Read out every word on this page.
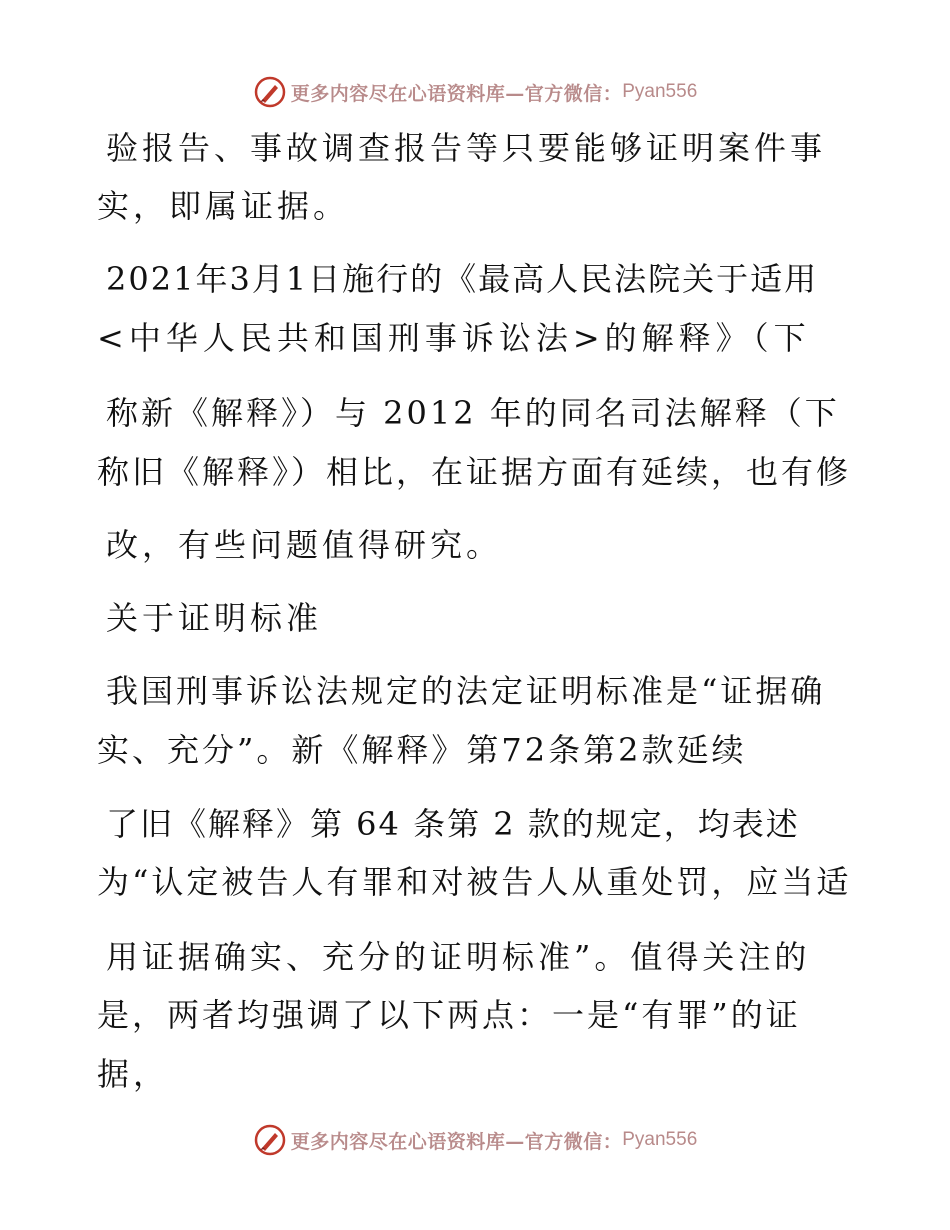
更多内容尽在心语资料库—官方微信： Pyan556
验报告、事故调查报告等只要能够证明案件事
实，即属证据。
2021年3月1日施行的《最高人民法院关于适用
<中华人民共和国刑事诉讼法>的解释》（下
称新《解释》）与 2012 年的同名司法解释（下
称旧《解释》）相比，在证据方面有延续，也有修
改，有些问题值得研究。
关于证明标准
我国刑事诉讼法规定的法定证明标准是“证据确
实、充分”。新《解释》第72条第2款延续
了旧《解释》第 64 条第 2 款的规定，均表述
为“认定被告人有罪和对被告人从重处罚，应当适
用证据确实、充分的证明标准”。值得关注的
是，两者均强调了以下两点：一是“有罪”的证
据，
更多内容尽在心语资料库—官方微信： Pyan556
